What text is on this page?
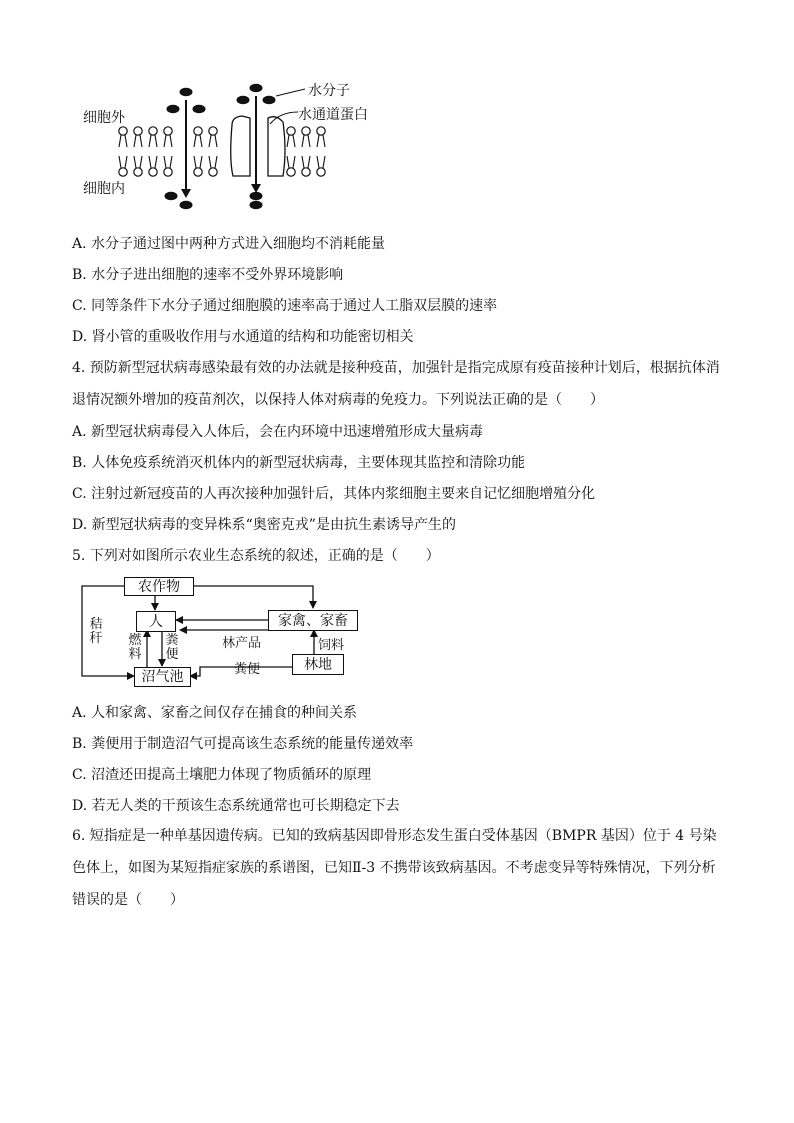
细胞外
细胞内
水分子
水通道蛋白
A. 水分子通过图中两种方式进入细胞均不消耗能量
B. 水分子进出细胞的速率不受外界环境影响
C. 同等条件下水分子通过细胞膜的速率高于通过人工脂双层膜的速率
D. 肾小管的重吸收作用与水通道的结构和功能密切相关
4. 预防新型冠状病毒感染最有效的办法就是接种疫苗，加强针是指完成原有疫苗接种计划后，根据抗体消退情况额外增加的疫苗剂次，以保持人体对病毒的免疫力。下列说法正确的是（　　）
A. 新型冠状病毒侵入人体后，会在内环境中迅速增殖形成大量病毒
B. 人体免疫系统消灭机体内的新型冠状病毒，主要体现其监控和清除功能
C. 注射过新冠疫苗的人再次接种加强针后，其体内浆细胞主要来自记忆细胞增殖分化
D. 新型冠状病毒的变异株系“奥密克戎”是由抗生素诱导产生的
5. 下列对如图所示农业生态系统的叙述，正确的是（　　）
农作物
人	家禽、家畜
林地
沼气池
秸秆 燃料
粪便
林产品	饲料
粪便
A. 人和家禽、家畜之间仅存在捕食的种间关系
B. 粪便用于制造沼气可提高该生态系统的能量传递效率
C. 沼渣还田提高土壤肥力体现了物质循环的原理
D. 若无人类的干预该生态系统通常也可长期稳定下去
6. 短指症是一种单基因遗传病。已知的致病基因即骨形态发生蛋白受体基因（BMPR 基因）位于 4 号染色体上，如图为某短指症家族的系谱图，已知Ⅱ-3 不携带该致病基因。不考虑变异等特殊情况，下列分析错误的是（　　）
